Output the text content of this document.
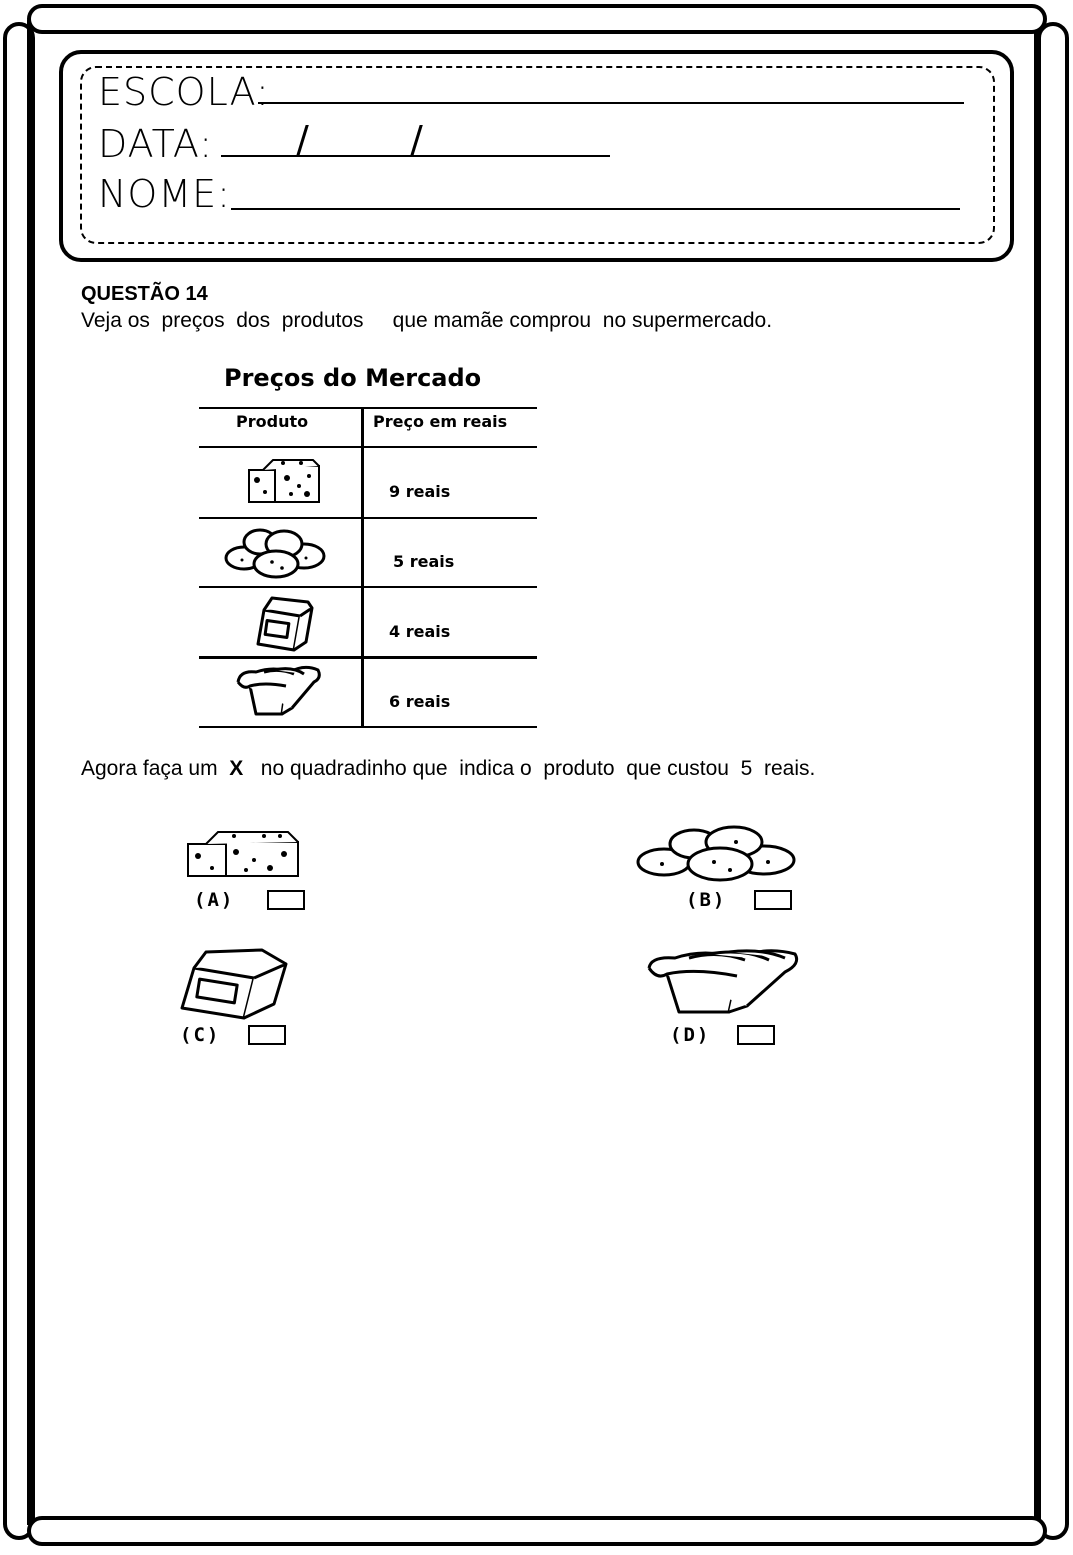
ESCOLA:
DATA: /	/
NOME:
QUESTÃO 14
Veja os  preços  dos  produtos     que mamãe comprou  no supermercado.
Preços do Mercado
Produto	Preço em reais
9 reais
5 reais
4 reais
6 reais
Agora faça um  X   no quadradinho que  indica o  produto  que custou  5  reais.
(A)	(B)
(C)	(D)
